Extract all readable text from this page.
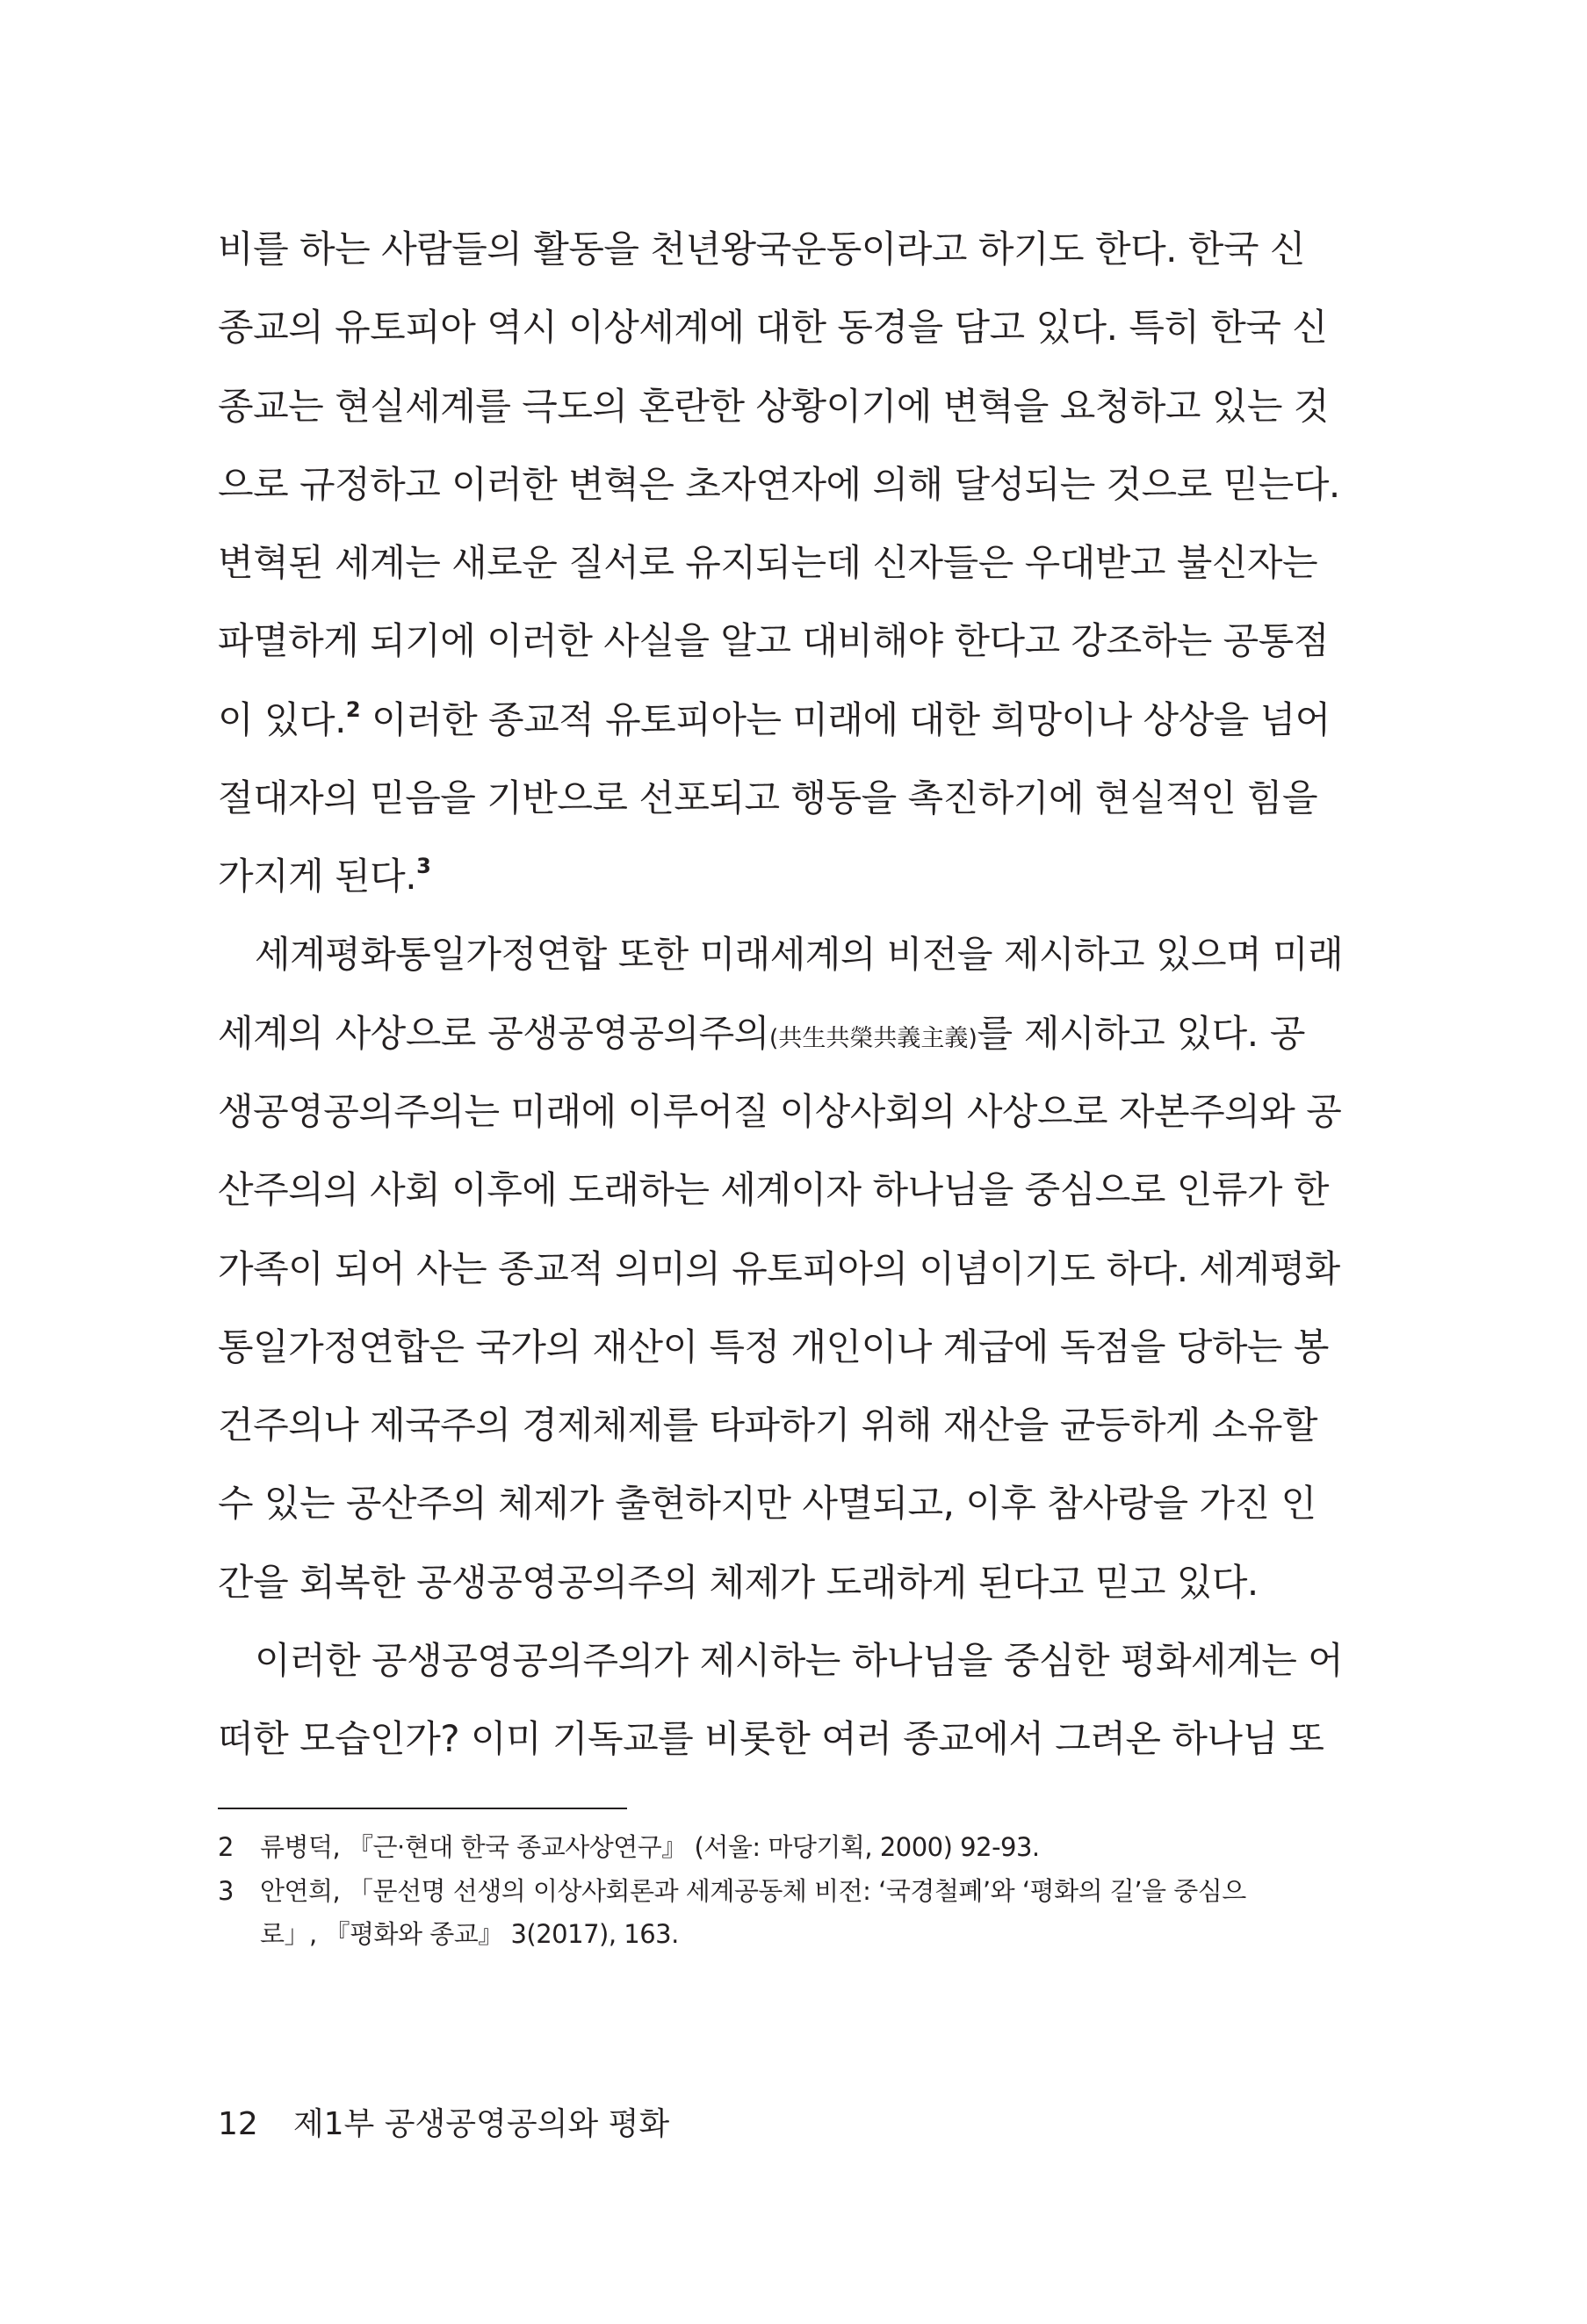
비를 하는 사람들의 활동을 천년왕국운동이라고 하기도 한다. 한국 신
종교의 유토피아 역시 이상세계에 대한 동경을 담고 있다. 특히 한국 신
종교는 현실세계를 극도의 혼란한 상황이기에 변혁을 요청하고 있는 것
으로 규정하고 이러한 변혁은 초자연자에 의해 달성되는 것으로 믿는다.
변혁된 세계는 새로운 질서로 유지되는데 신자들은 우대받고 불신자는
파멸하게 되기에 이러한 사실을 알고 대비해야 한다고 강조하는 공통점
이 있다.$^2$ 이러한 종교적 유토피아는 미래에 대한 희망이나 상상을 넘어
절대자의 믿음을 기반으로 선포되고 행동을 촉진하기에 현실적인 힘을
가지게 된다.$^3$
세계평화통일가정연합 또한 미래세계의 비전을 제시하고 있으며 미래
세계의 사상으로 공생공영공의주의(共生共榮共義主義)를 제시하고 있다. 공
생공영공의주의는 미래에 이루어질 이상사회의 사상으로 자본주의와 공
산주의의 사회 이후에 도래하는 세계이자 하나님을 중심으로 인류가 한
가족이 되어 사는 종교적 의미의 유토피아의 이념이기도 하다. 세계평화
통일가정연합은 국가의 재산이 특정 개인이나 계급에 독점을 당하는 봉
건주의나 제국주의 경제체제를 타파하기 위해 재산을 균등하게 소유할
수 있는 공산주의 체제가 출현하지만 사멸되고, 이후 참사랑을 가진 인
간을 회복한 공생공영공의주의 체제가 도래하게 된다고 믿고 있다.
이러한 공생공영공의주의가 제시하는 하나님을 중심한 평화세계는 어
떠한 모습인가? 이미 기독교를 비롯한 여러 종교에서 그려온 하나님 또
2 류병덕, 『근·현대 한국 종교사상연구』 (서울: 마당기획, 2000) 92-93.
3 안연희, 「문선명 선생의 이상사회론과 세계공동체 비전: ‘국경철폐’와 ‘평화의 길’을 중심으
로」, 『평화와 종교』 3(2017), 163.
12 제1부 공생공영공의와 평화
